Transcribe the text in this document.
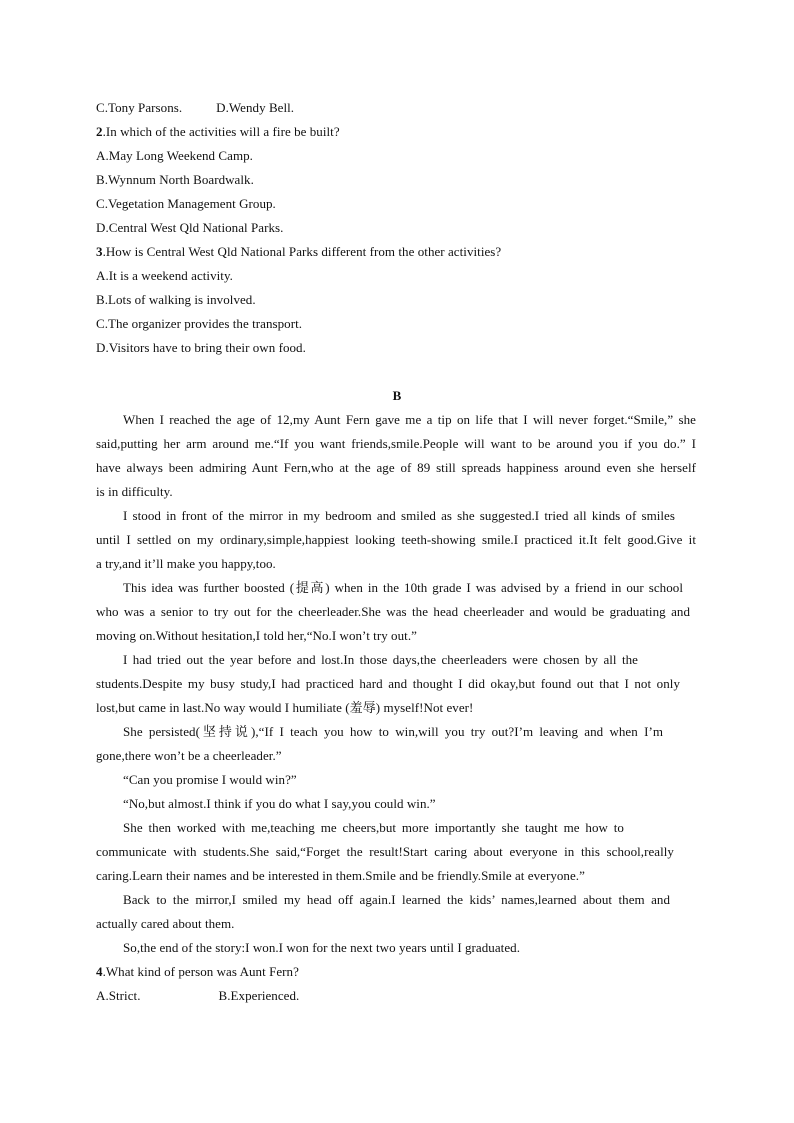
C.Tony Parsons.	D.Wendy Bell.
2.In which of the activities will a fire be built?
A.May Long Weekend Camp.
B.Wynnum North Boardwalk.
C.Vegetation Management Group.
D.Central West Qld National Parks.
3.How is Central West Qld National Parks different from the other activities?
A.It is a weekend activity.
B.Lots of walking is involved.
C.The organizer provides the transport.
D.Visitors have to bring their own food.
B
When I reached the age of 12,my Aunt Fern gave me a tip on life that I will never forget.“Smile,” she
said,putting her arm around me.“If you want friends,smile.People will want to be around you if you do.” I
have always been admiring Aunt Fern,who at the age of 89 still spreads happiness around even she herself
is in difficulty.
I stood in front of the mirror in my bedroom and smiled as she suggested.I tried all kinds of smiles
until I settled on my ordinary,simple,happiest looking teeth-showing smile.I practiced it.It felt good.Give it
a try,and it’ll make you happy,too.
This idea was further boosted (提高) when in the 10th grade I was advised by a friend in our school
who was a senior to try out for the cheerleader.She was the head cheerleader and would be graduating and
moving on.Without hesitation,I told her,“No.I won’t try out.”
I had tried out the year before and lost.In those days,the cheerleaders were chosen by all the
students.Despite my busy study,I had practiced hard and thought I did okay,but found out that I not only
lost,but came in last.No way would I humiliate (羞辱) myself!Not ever!
She persisted(坚持说),“If I teach you how to win,will you try out?I’m leaving and when I’m
gone,there won’t be a cheerleader.”
“Can you promise I would win?”
“No,but almost.I think if you do what I say,you could win.”
She then worked with me,teaching me cheers,but more importantly she taught me how to
communicate with students.She said,“Forget the result!Start caring about everyone in this school,really
caring.Learn their names and be interested in them.Smile and be friendly.Smile at everyone.”
Back to the mirror,I smiled my head off again.I learned the kids’ names,learned about them and
actually cared about them.
So,the end of the story:I won.I won for the next two years until I graduated.
4.What kind of person was Aunt Fern?
A.Strict.	B.Experienced.
